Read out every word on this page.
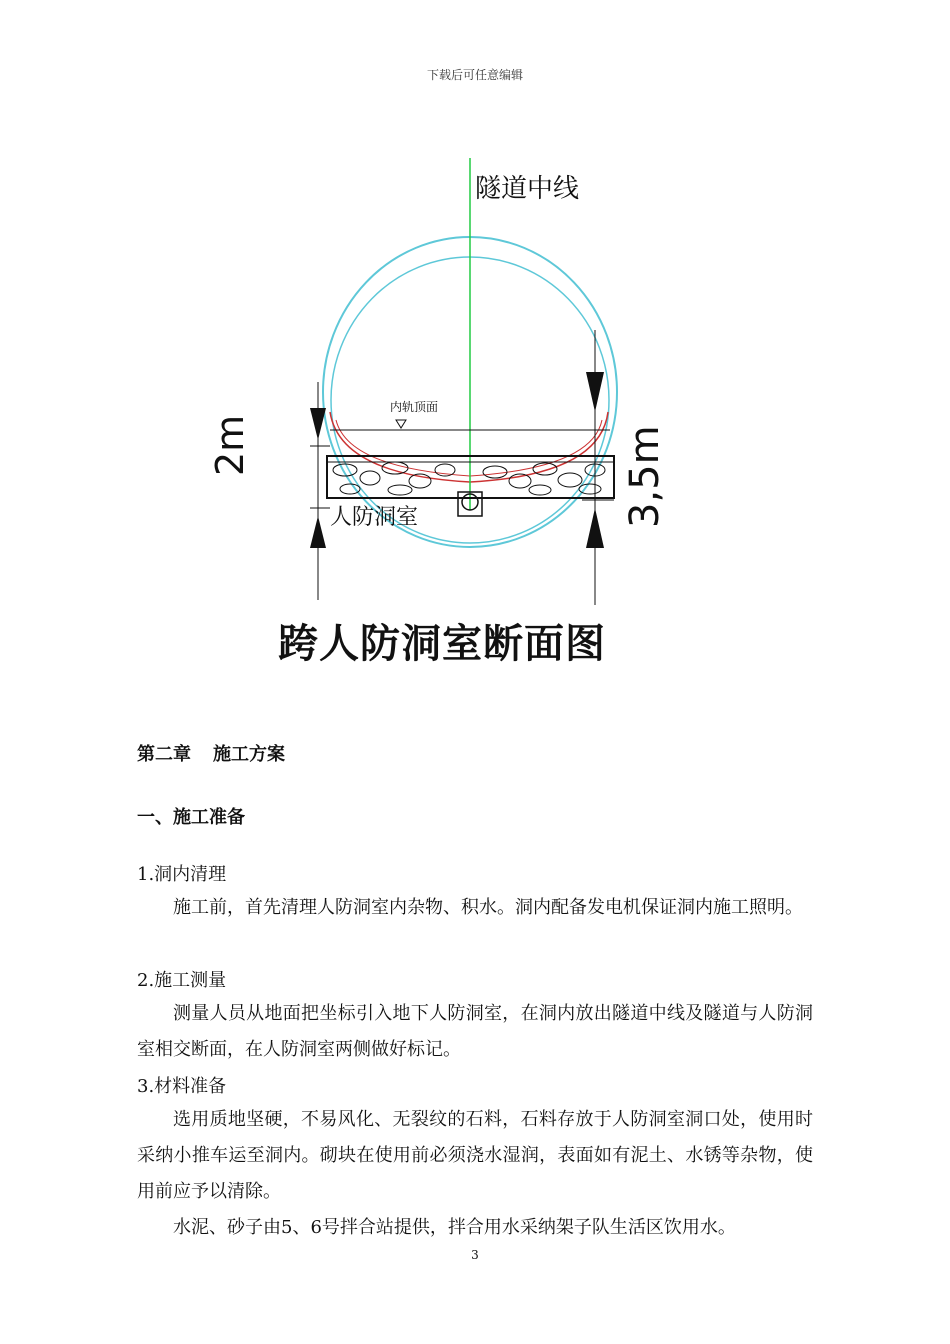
下载后可任意编辑
隧道中线
内轨顶面
人防洞室
2m	3,5m
跨人防洞室断面图
第二章 施工方案
一、施工准备
1.洞内清理

施工前，首先清理人防洞室内杂物、积水。洞内配备发电机保证洞内施工照明。

2.施工测量

测量人员从地面把坐标引入地下人防洞室，在洞内放出隧道中线及隧道与人防洞室相交断面，在人防洞室两侧做好标记。

3.材料准备

选用质地坚硬，不易风化、无裂纹的石料，石料存放于人防洞室洞口处，使用时采纳小推车运至洞内。砌块在使用前必须浇水湿润，表面如有泥土、水锈等杂物，使用前应予以清除。

水泥、砂子由5、6号拌合站提供，拌合用水采纳架子队生活区饮用水。

3
